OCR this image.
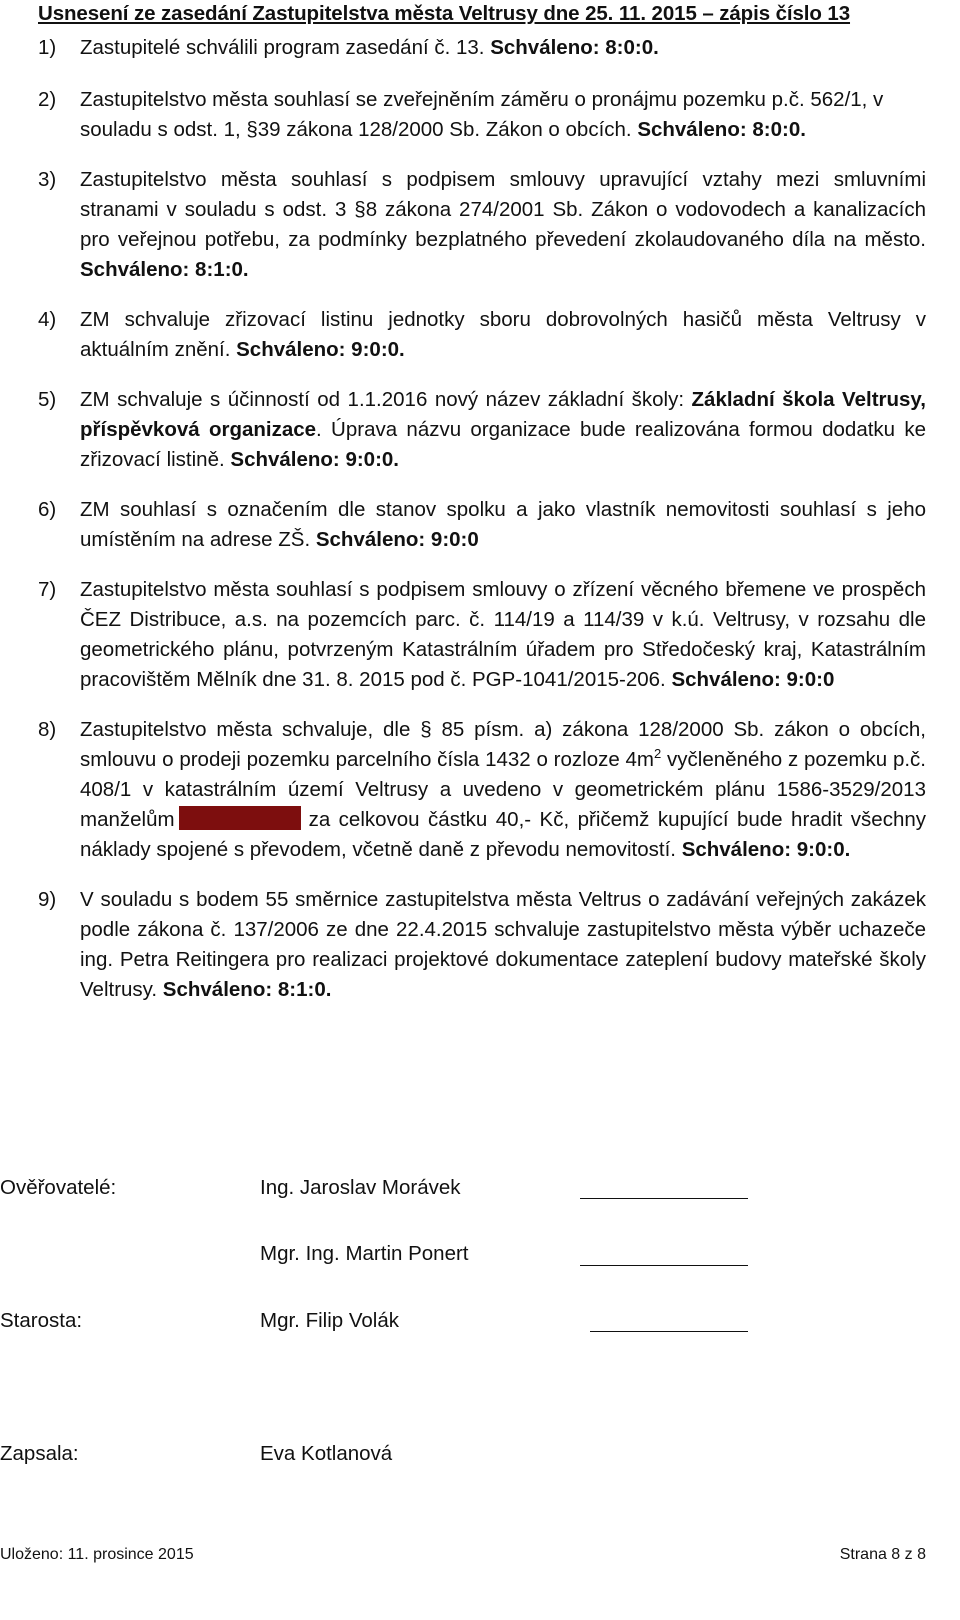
Usnesení ze zasedání Zastupitelstva města Veltrusy dne 25. 11. 2015 – zápis číslo 13
1)	Zastupitelé schválili program zasedání č. 13. Schváleno: 8:0:0.
2)	Zastupitelstvo města souhlasí se zveřejněním záměru o pronájmu pozemku p.č. 562/1, v souladu s odst. 1, §39 zákona 128/2000 Sb. Zákon o obcích. Schváleno: 8:0:0.
3)	Zastupitelstvo města souhlasí s podpisem smlouvy upravující vztahy mezi smluvními stranami v souladu s odst. 3 §8 zákona 274/2001 Sb. Zákon o vodovodech a kanalizacích pro veřejnou potřebu, za podmínky bezplatného převedení zkolaudovaného díla na město. Schváleno: 8:1:0.
4)	ZM schvaluje zřizovací listinu jednotky sboru dobrovolných hasičů města Veltrusy v aktuálním znění. Schváleno: 9:0:0.
5)	ZM schvaluje s účinností od 1.1.2016 nový název základní školy: Základní škola Veltrusy, příspěvková organizace. Úprava názvu organizace bude realizována formou dodatku ke zřizovací listině. Schváleno: 9:0:0.
6)	ZM souhlasí s označením dle stanov spolku a jako vlastník nemovitosti souhlasí s jeho umístěním na adrese ZŠ. Schváleno: 9:0:0
7)	Zastupitelstvo města souhlasí s podpisem smlouvy o zřízení věcného břemene ve prospěch ČEZ Distribuce, a.s. na pozemcích parc. č. 114/19 a 114/39 v k.ú. Veltrusy, v rozsahu dle geometrického plánu, potvrzeným Katastrálním úřadem pro Středočeský kraj, Katastrálním pracovištěm Mělník dne 31. 8. 2015 pod č. PGP-1041/2015-206. Schváleno: 9:0:0
8)	Zastupitelstvo města schvaluje, dle § 85 písm. a) zákona 128/2000 Sb. zákon o obcích, smlouvu o prodeji pozemku parcelního čísla 1432 o rozloze $4m^2$ vyčleněného z pozemku p.č. 408/1 v katastrálním území Veltrusy a uvedeno v geometrickém plánu 1586-3529/2013 manželům	za celkovou částku 40,- Kč, přičemž kupující bude hradit všechny náklady spojené s převodem, včetně daně z převodu nemovitostí. Schváleno: 9:0:0.
9)	V souladu s bodem 55 směrnice zastupitelstva města Veltrus o zadávání veřejných zakázek podle zákona č. 137/2006 ze dne 22.4.2015 schvaluje zastupitelstvo města výběr uchazeče ing. Petra Reitingera pro realizaci projektové dokumentace zateplení budovy mateřské školy Veltrusy. Schváleno: 8:1:0.
Ověřovatelé:	Ing. Jaroslav Morávek
Mgr. Ing. Martin Ponert
Starosta:	Mgr. Filip Volák
Zapsala:	Eva Kotlanová
Uloženo: 11. prosince 2015	Strana 8 z 8
